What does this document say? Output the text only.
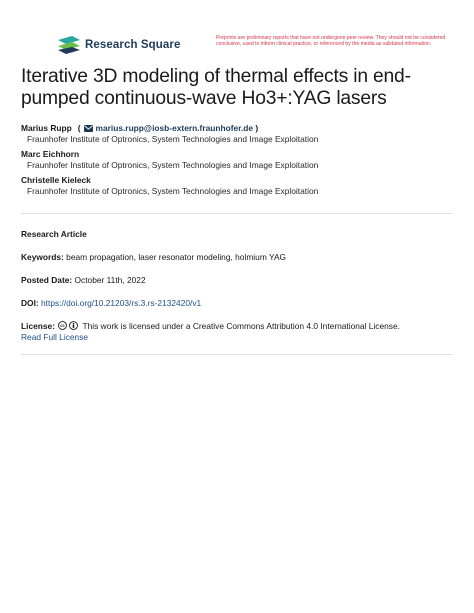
Research Square
Preprints are preliminary reports that have not undergone peer review. They should not be considered conclusive, used to inform clinical practice, or referenced by the media as validated information.
Iterative 3D modeling of thermal effects in end-pumped continuous-wave Ho3+:YAG lasers
Marius Rupp ( marius.rupp@iosb-extern.fraunhofer.de )
Fraunhofer Institute of Optronics, System Technologies and Image Exploitation
Marc Eichhorn
Fraunhofer Institute of Optronics, System Technologies and Image Exploitation
Christelle Kieleck
Fraunhofer Institute of Optronics, System Technologies and Image Exploitation
Research Article
Keywords: beam propagation, laser resonator modeling, holmium YAG
Posted Date: October 11th, 2022
DOI: https://doi.org/10.21203/rs.3.rs-2132420/v1
License: cc This work is licensed under a Creative Commons Attribution 4.0 International License.
Read Full License
